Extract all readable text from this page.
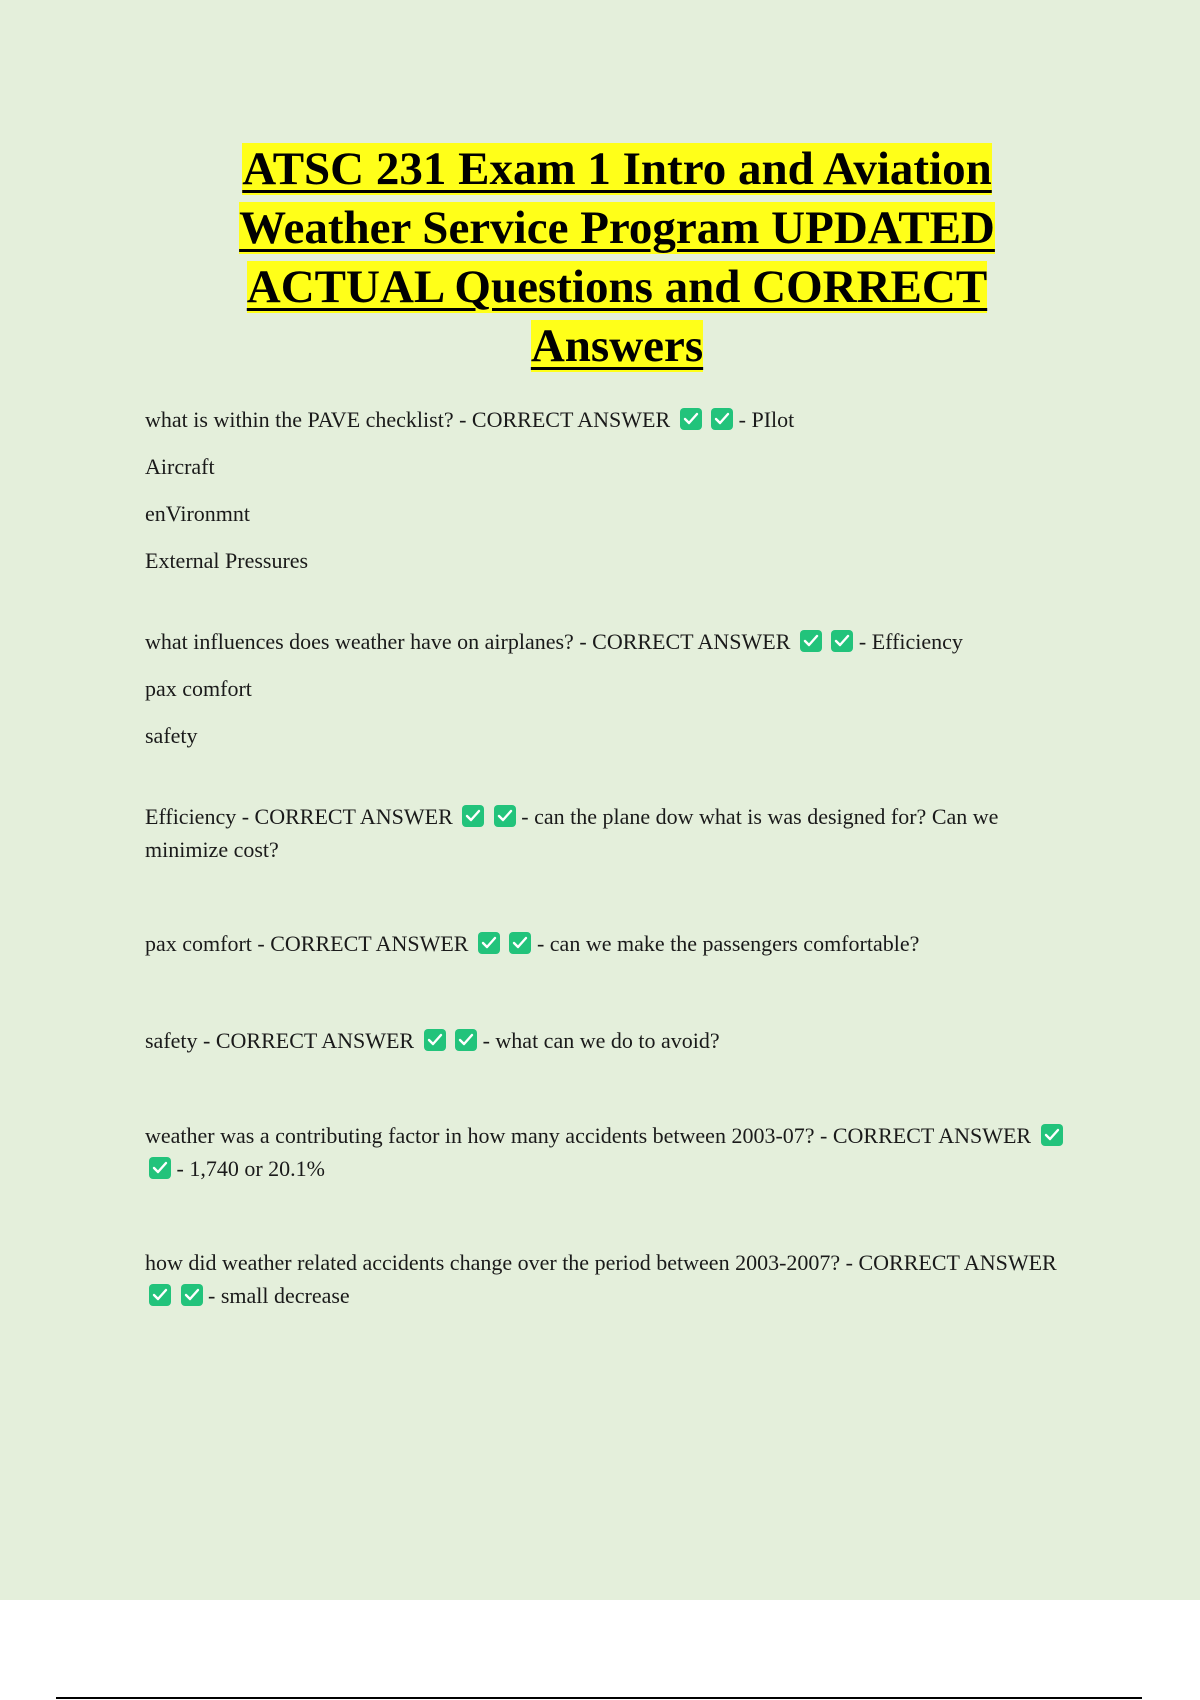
ATSC 231 Exam 1 Intro and Aviation
Weather Service Program UPDATED
ACTUAL Questions and CORRECT
Answers

what is within the PAVE checklist? - CORRECT ANSWER
	- PIlot
Aircraft
enVironmnt
External Pressures
what influences does weather have on airplanes? - CORRECT ANSWER
	- Efficiency
pax comfort
safety
Efficiency - CORRECT ANSWER
	- can the plane dow what is was designed for? Can we minimize cost?
pax comfort - CORRECT ANSWER
	- can we make the passengers comfortable?
safety - CORRECT ANSWER
	- what can we do to avoid?
weather was a contributing factor in how many accidents between 2003-07? - CORRECT ANSWER

- 1,740 or 20.1%
how did weather related accidents change over the period between 2003-2007? - CORRECT ANSWER

- small decrease
